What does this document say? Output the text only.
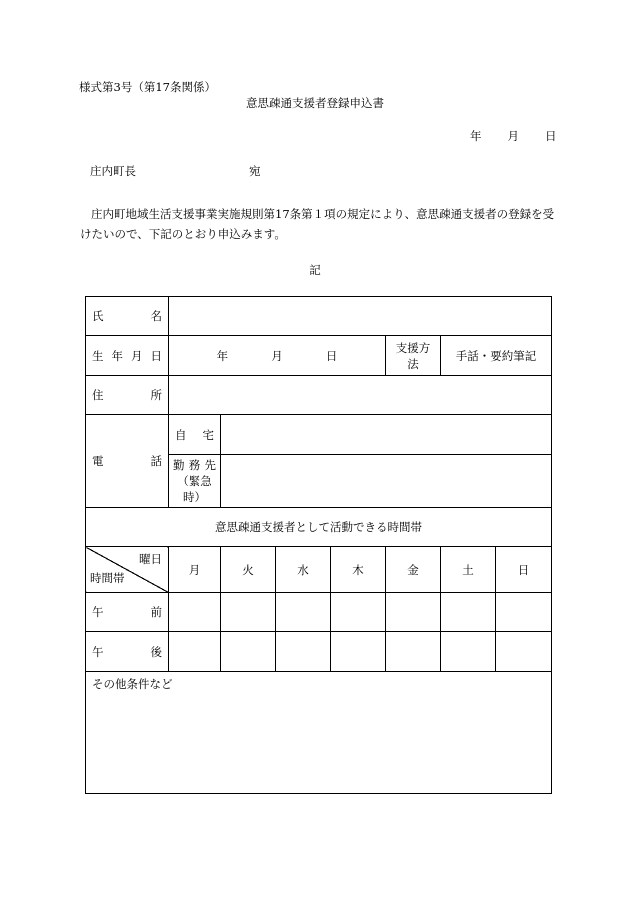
様式第3号（第17条関係）
意思疎通支援者登録申込書
年 月 日
庄内町長	宛
庄内町地域生活支援事業実施規則第17条第１項の規定により、意思疎通支援者の登録を受けたいので、下記のとおり申込みます。
記
氏 名							

生 年 月 日	年 月 日				支援方法	手話・要約筆記	

住 所							

電 話	自 宅						

	勤 務 先
（緊急時）						

意思疎通支援者として活動できる時間帯							

曜日
時間帯	月	火	水	木	金	土	日

午 前							

午 後							

その他条件など							
